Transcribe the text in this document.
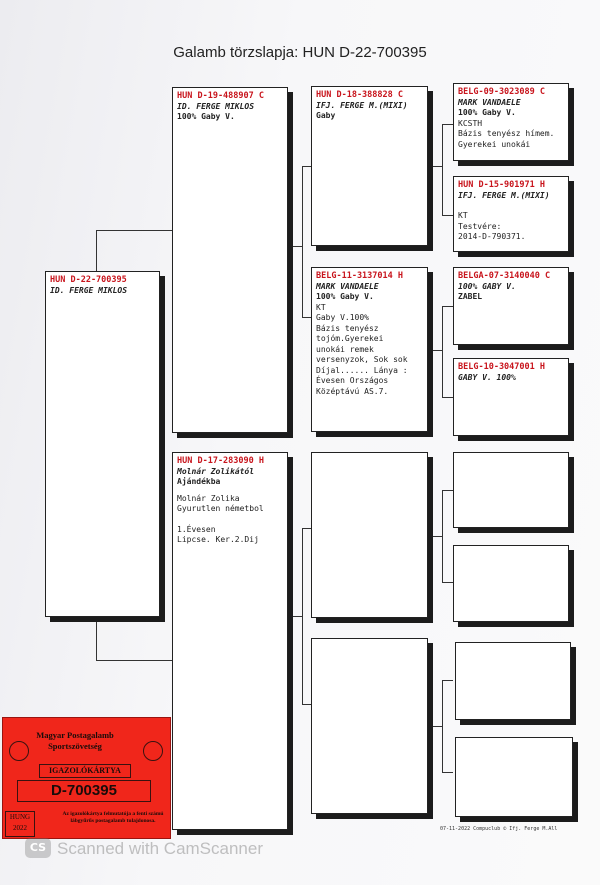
Galamb törzslapja: HUN D-22-700395
HUN D-22-700395
ID. FERGE MIKLOS
HUN D-19-488907 C
ID. FERGE MIKLOS
100% Gaby V.
HUN D-17-283090 H
Molnár Zolikától
Ajándékba
Molnár Zolika
Gyurutlen németbol
1.Évesen
Lipcse. Ker.2.Dij
HUN D-18-388828 C
IFJ. FERGE M.(MIXI)
Gaby
BELG-11-3137014 H
MARK VANDAELE
100% Gaby V.
KT
Gaby V.100%
Bázis tenyész
tojóm.Gyerekei
unokái remek
versenyzok, Sok sok
Díjal...... Lánya :
Évesen Országos
Középtávú AS.7.
BELG-09-3023089 C
MARK VANDAELE
100% Gaby V.
KCSTH
Bázis tenyész hímem.
Gyerekei unokái
HUN D-15-901971 H
IFJ. FERGE M.(MIXI)
KT
Testvére:
2014-D-790371.
BELGA-07-3140040 C
100% GABY V.
ZABEL
BELG-10-3047001 H
GABY V. 100%
Magyar Postagalamb Sportszövetség
IGAZOLÓKÁRTYA
D-700395
HUNG
2022
Az igazolókártya felmutatója a fenti számú lábgyűrűs postagalamb tulajdonosa.
07-11-2022 Compuclub © Ifj. Ferge M.All
CS Scanned with CamScanner
